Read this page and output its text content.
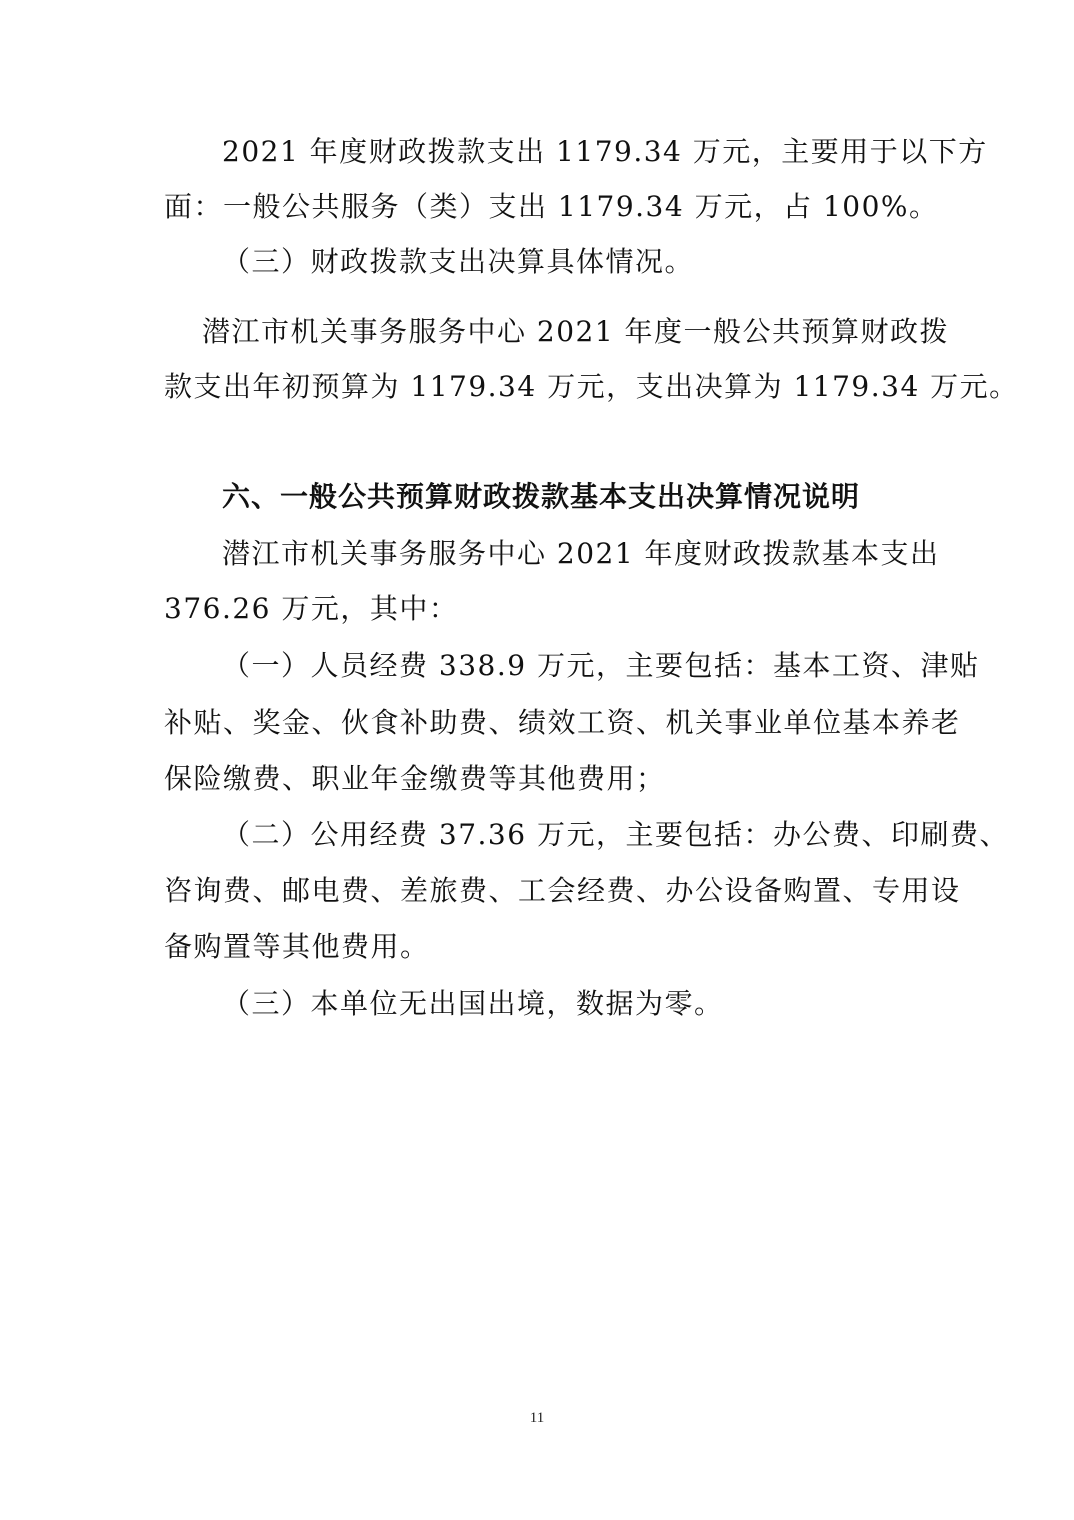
2021 年度财政拨款支出 1179.34 万元，主要用于以下方
面：一般公共服务（类）支出 1179.34 万元，占 100%。
（三）财政拨款支出决算具体情况。
潜江市机关事务服务中心 2021 年度一般公共预算财政拨
款支出年初预算为 1179.34 万元，支出决算为 1179.34 万元。
六、一般公共预算财政拨款基本支出决算情况说明
潜江市机关事务服务中心 2021 年度财政拨款基本支出
376.26 万元，其中：
（一）人员经费 338.9 万元，主要包括：基本工资、津贴
补贴、奖金、伙食补助费、绩效工资、机关事业单位基本养老
保险缴费、职业年金缴费等其他费用；
（二）公用经费 37.36 万元，主要包括：办公费、印刷费、
咨询费、邮电费、差旅费、工会经费、办公设备购置、专用设
备购置等其他费用。
（三）本单位无出国出境，数据为零。
11
